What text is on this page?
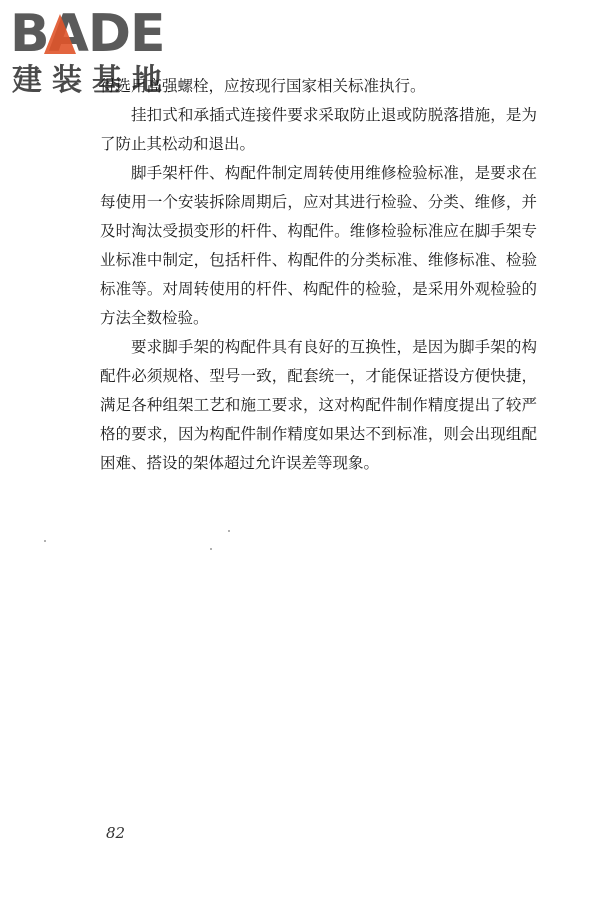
BADE
建装基地

得选用高强螺栓，应按现行国家相关标准执行。

挂扣式和承插式连接件要求采取防止退或防脱落措施，是为了防止其松动和退出。

脚手架杆件、构配件制定周转使用维修检验标准，是要求在每使用一个安装拆除周期后，应对其进行检验、分类、维修，并及时淘汰受损变形的杆件、构配件。维修检验标准应在脚手架专业标准中制定，包括杆件、构配件的分类标准、维修标准、检验标准等。对周转使用的杆件、构配件的检验，是采用外观检验的方法全数检验。

要求脚手架的构配件具有良好的互换性，是因为脚手架的构配件必须规格、型号一致，配套统一，才能保证搭设方便快捷，满足各种组架工艺和施工要求，这对构配件制作精度提出了较严格的要求，因为构配件制作精度如果达不到标准，则会出现组配困难、搭设的架体超过允许误差等现象。

82
